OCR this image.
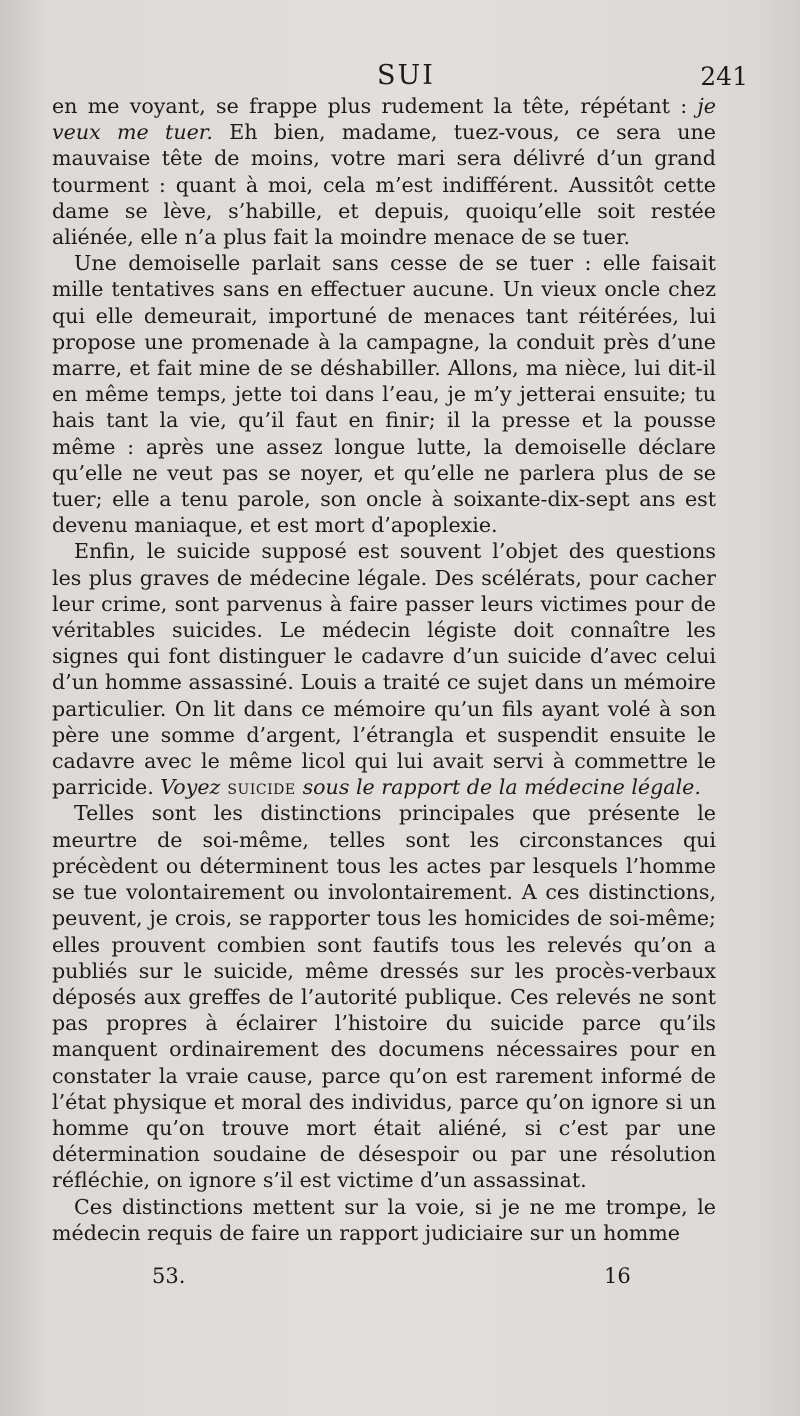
SUI	241

en me voyant, se frappe plus rudement la tête, répétant : je veux me tuer. Eh bien, madame, tuez-vous, ce sera une mauvaise tête de moins, votre mari sera délivré d’un grand tourment : quant à moi, cela m’est indifférent. Aussitôt cette dame se lève, s’habille, et depuis, quoiqu’elle soit restée aliénée, elle n’a plus fait la moindre menace de se tuer.

Une demoiselle parlait sans cesse de se tuer : elle faisait mille tentatives sans en effectuer aucune. Un vieux oncle chez qui elle demeurait, importuné de menaces tant réitérées, lui propose une promenade à la campagne, la conduit près d’une marre, et fait mine de se déshabiller. Allons, ma nièce, lui dit-il en même temps, jette toi dans l’eau, je m’y jetterai ensuite; tu hais tant la vie, qu’il faut en finir; il la presse et la pousse même : après une assez longue lutte, la demoiselle déclare qu’elle ne veut pas se noyer, et qu’elle ne parlera plus de se tuer; elle a tenu parole, son oncle à soixante-dix-sept ans est devenu maniaque, et est mort d’apoplexie.

Enfin, le suicide supposé est souvent l’objet des questions les plus graves de médecine légale. Des scélérats, pour cacher leur crime, sont parvenus à faire passer leurs victimes pour de véritables suicides. Le médecin légiste doit connaître les signes qui font distinguer le cadavre d’un suicide d’avec celui d’un homme assassiné. Louis a traité ce sujet dans un mémoire particulier. On lit dans ce mémoire qu’un fils ayant volé à son père une somme d’argent, l’étrangla et suspendit ensuite le cadavre avec le même licol qui lui avait servi à commettre le parricide. Voyez suicide sous le rapport de la médecine légale.

Telles sont les distinctions principales que présente le meurtre de soi-même, telles sont les circonstances qui précèdent ou déterminent tous les actes par lesquels l’homme se tue volontairement ou involontairement. A ces distinctions, peuvent, je crois, se rapporter tous les homicides de soi-même; elles prouvent combien sont fautifs tous les relevés qu’on a publiés sur le suicide, même dressés sur les procès-verbaux déposés aux greffes de l’autorité publique. Ces relevés ne sont pas propres à éclairer l’histoire du suicide parce qu’ils manquent ordinairement des documens nécessaires pour en constater la vraie cause, parce qu’on est rarement informé de l’état physique et moral des individus, parce qu’on ignore si un homme qu’on trouve mort était aliéné, si c’est par une détermination soudaine de désespoir ou par une résolution réfléchie, on ignore s’il est victime d’un assassinat.

Ces distinctions mettent sur la voie, si je ne me trompe, le médecin requis de faire un rapport judiciaire sur un homme

53.	16
